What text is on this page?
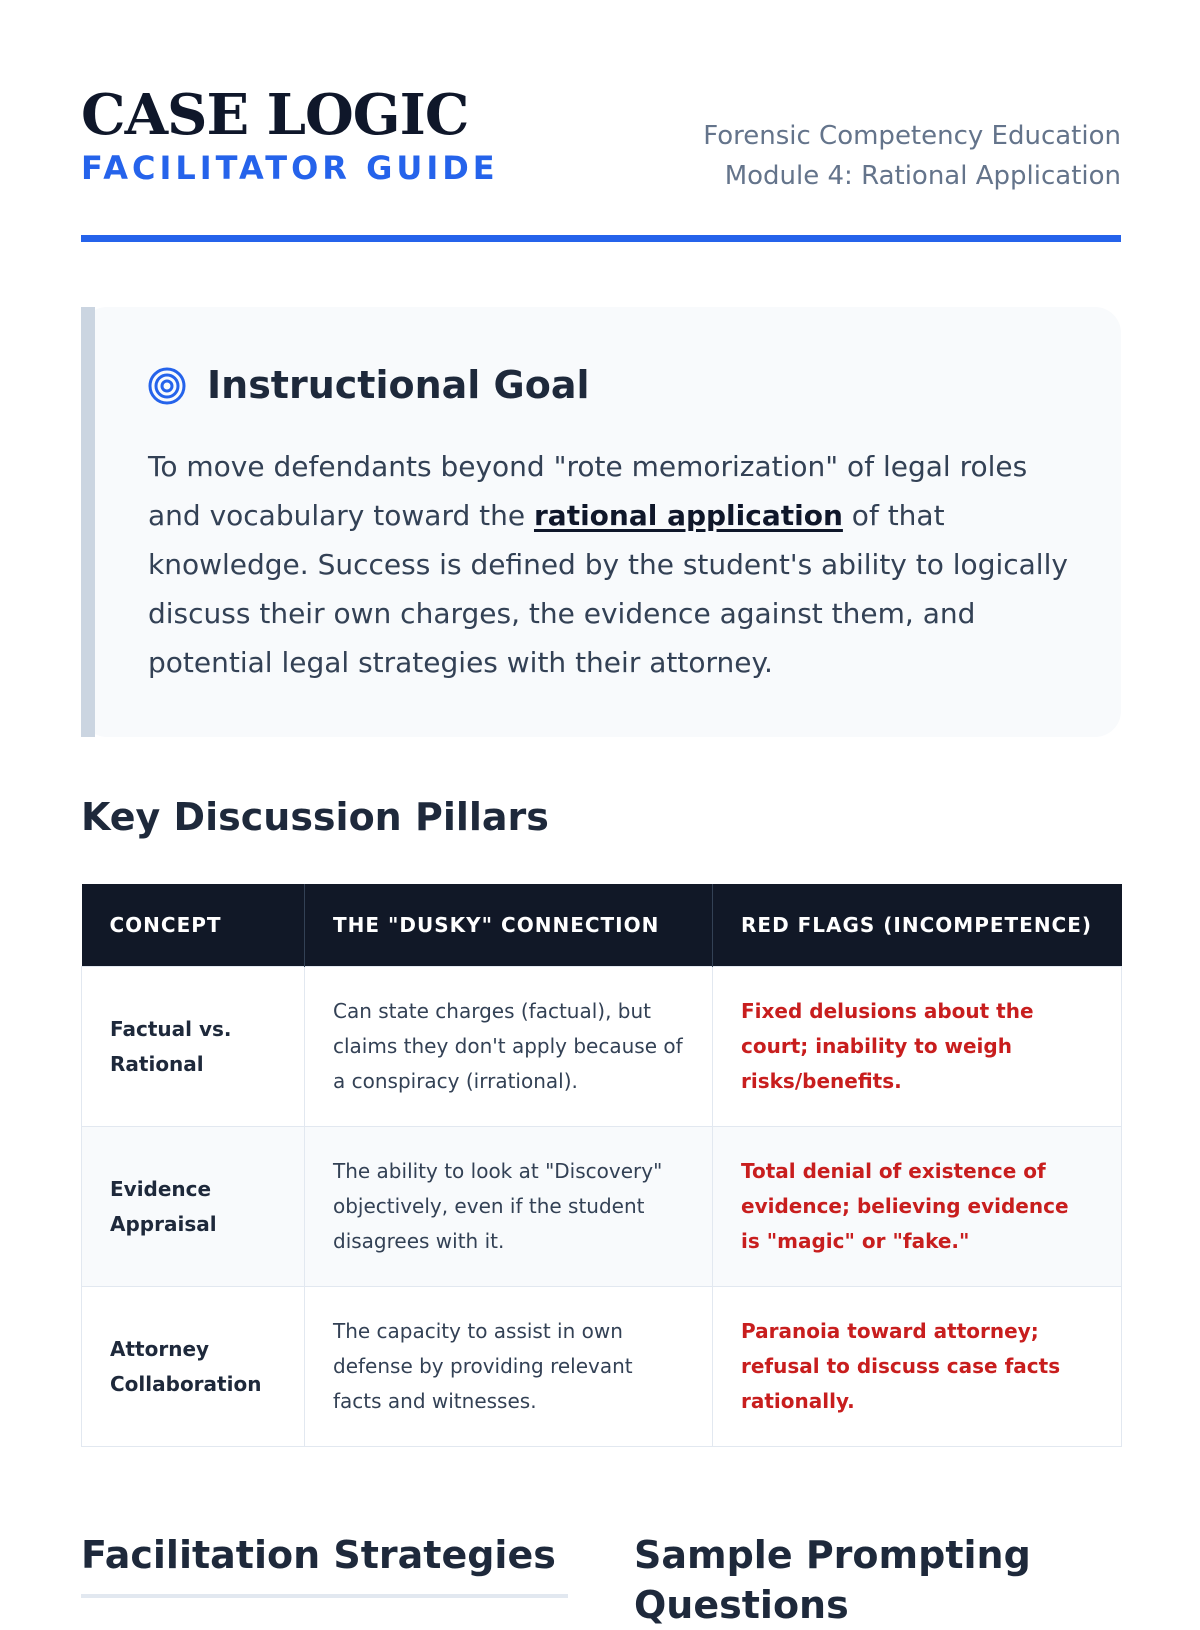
CASE LOGIC
FACILITATOR GUIDE
Forensic Competency Education
Module 4: Rational Application
Instructional Goal
To move defendants beyond "rote memorization" of legal roles and vocabulary toward the rational application of that knowledge. Success is defined by the student's ability to logically discuss their own charges, the evidence against them, and potential legal strategies with their attorney.
Key Discussion Pillars
CONCEPT	THE "DUSKY" CONNECTION	RED FLAGS (INCOMPETENCE)
Factual vs. Rational	Can state charges (factual), but claims they don't apply because of a conspiracy (irrational).	Fixed delusions about the court; inability to weigh risks/benefits.
Evidence Appraisal	The ability to look at "Discovery" objectively, even if the student disagrees with it.	Total denial of existence of evidence; believing evidence is "magic" or "fake."
Attorney Collaboration	The capacity to assist in own defense by providing relevant facts and witnesses.	Paranoia toward attorney; refusal to discuss case facts rationally.
Facilitation Strategies Sample Prompting Questions
